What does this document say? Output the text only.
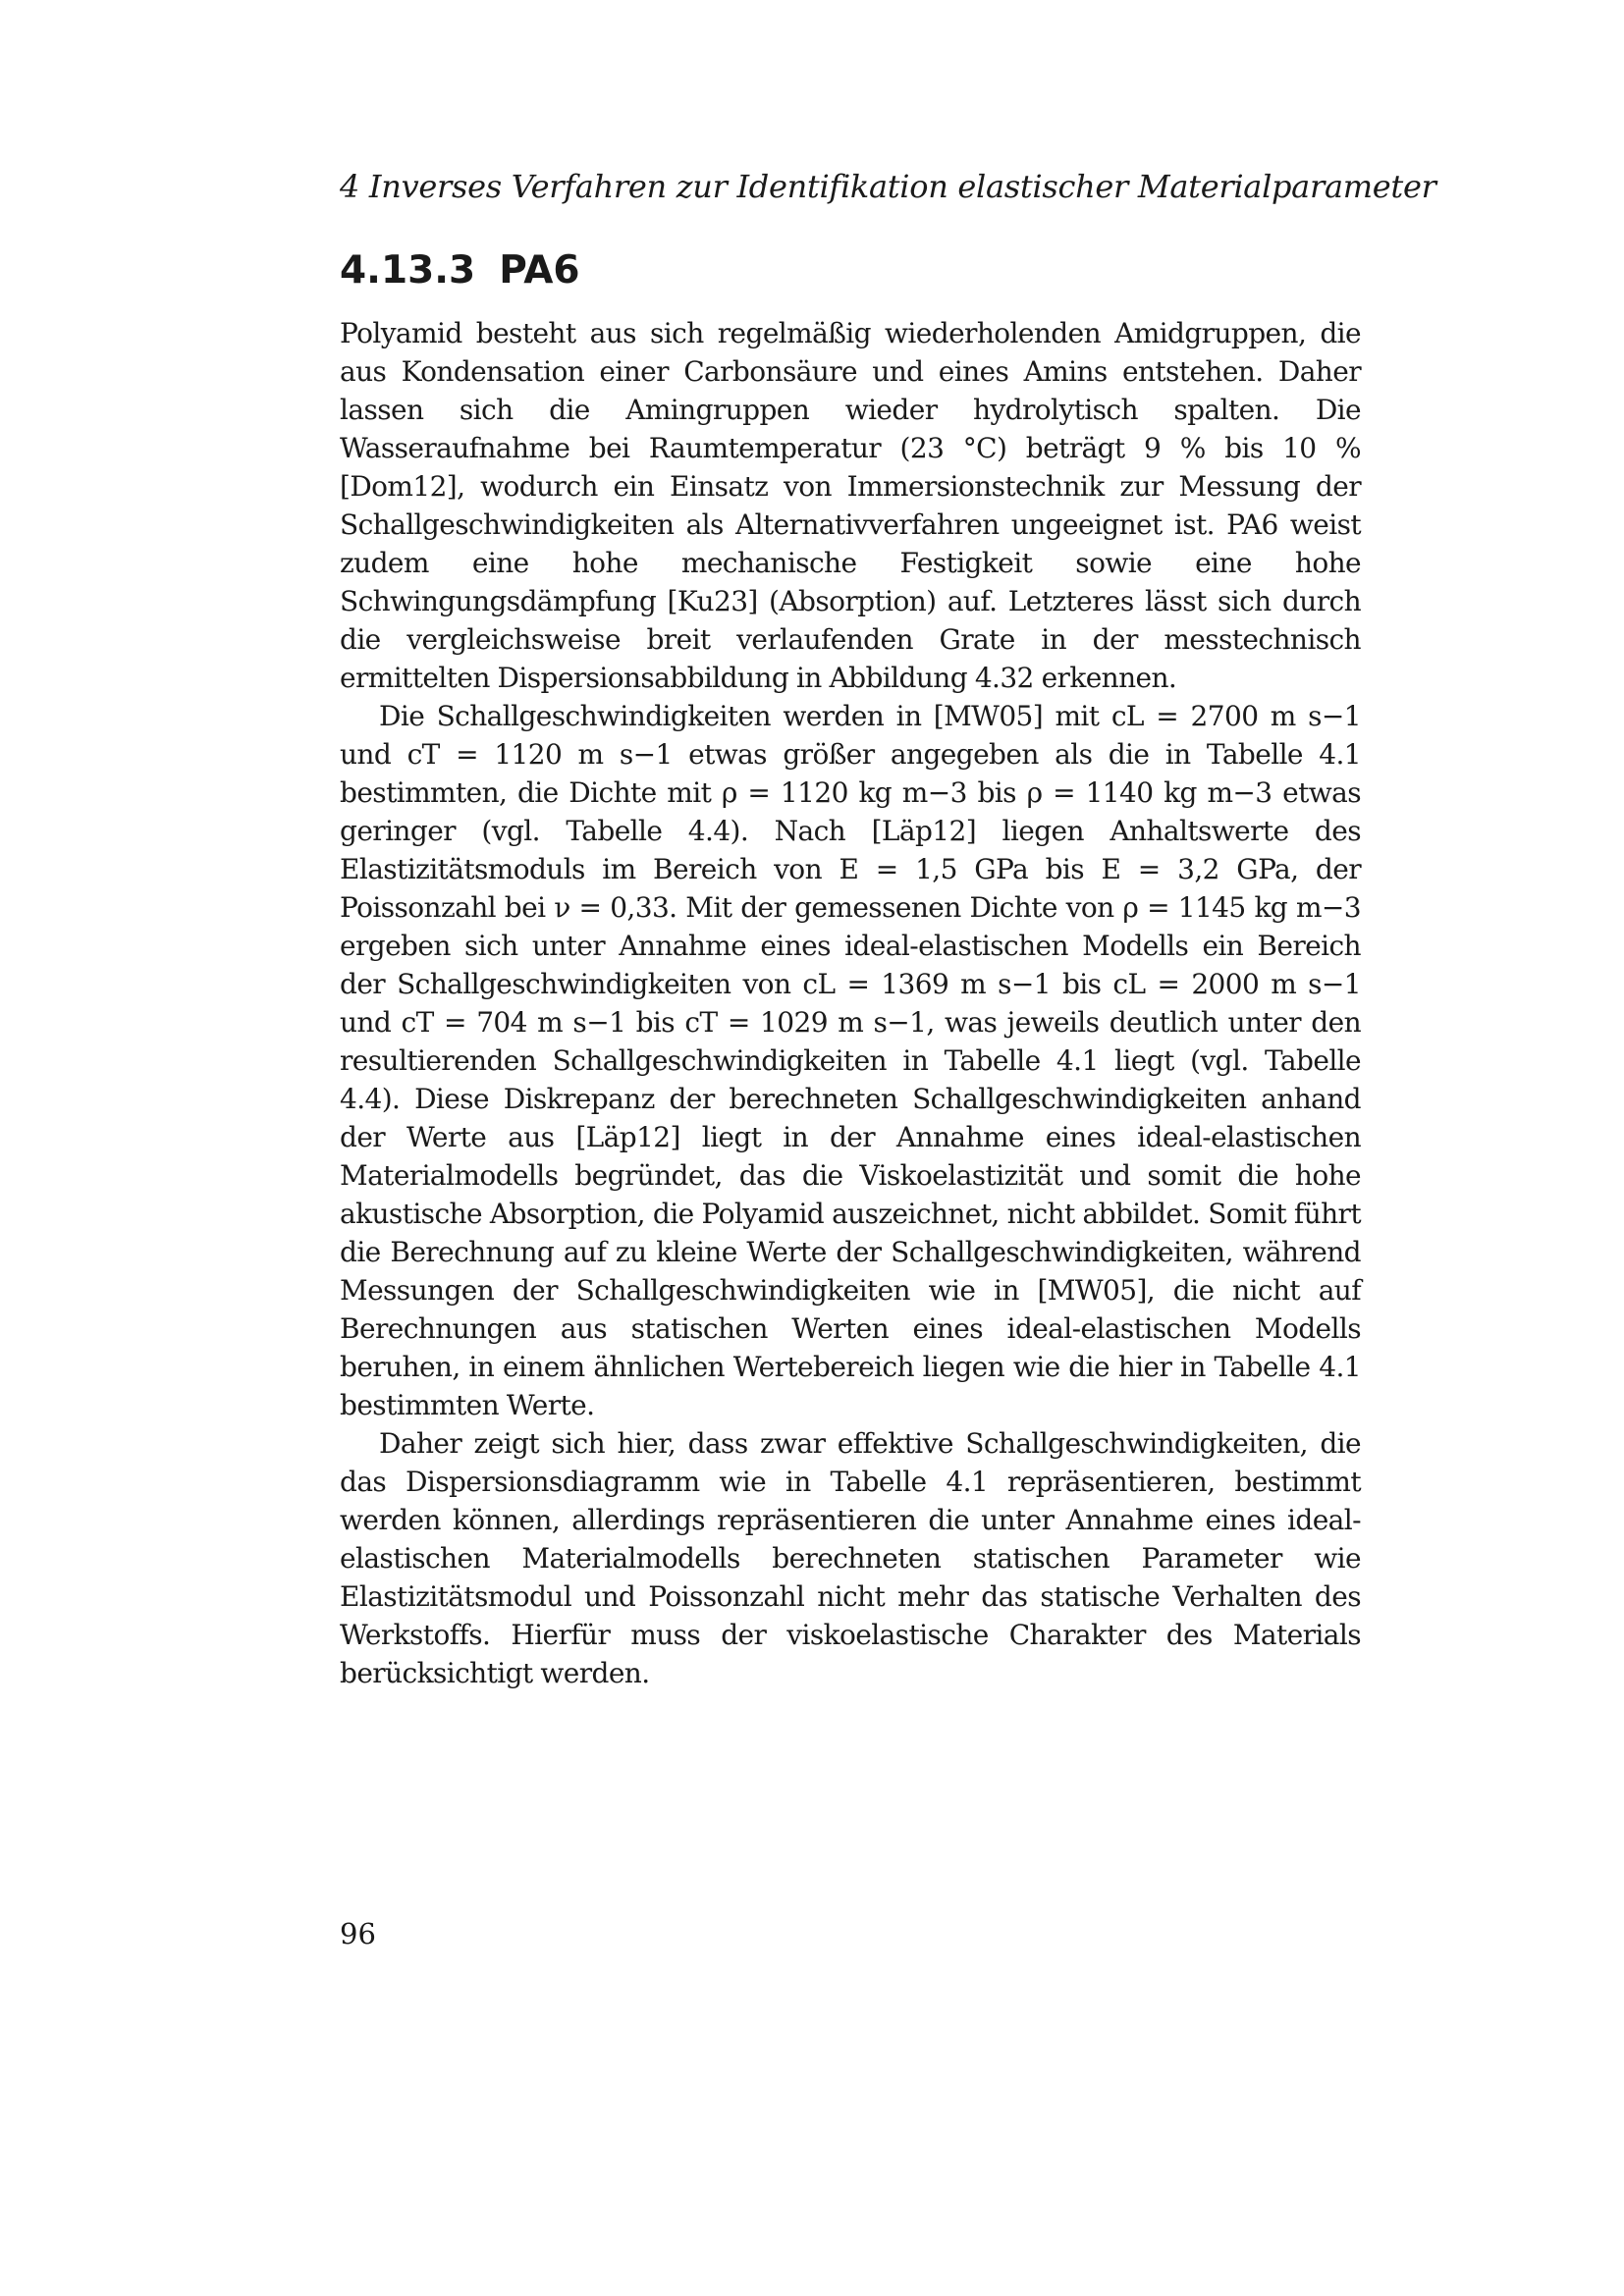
4 Inverses Verfahren zur Identifikation elastischer Materialparameter
4.13.3 PA6

Polyamid besteht aus sich regelmäßig wiederholenden Amidgruppen, die aus Kondensation einer Carbonsäure und eines Amins entstehen. Daher lassen sich die Amingruppen wieder hydrolytisch spalten. Die Wasseraufnahme bei Raumtemperatur (23 °C) beträgt 9 % bis 10 % [Dom12], wodurch ein Einsatz von Immersionstechnik zur Messung der Schallgeschwindigkeiten als Alternativverfahren ungeeignet ist. PA6 weist zudem eine hohe mechanische Festigkeit sowie eine hohe Schwingungsdämpfung [Ku23] (Absorption) auf. Letzteres lässt sich durch die vergleichsweise breit verlaufenden Grate in der messtechnisch ermittelten Dispersionsabbildung in Abbildung 4.32 erkennen.

Die Schallgeschwindigkeiten werden in [MW05] mit cL = 2700 m s−1 und cT = 1120 m s−1 etwas größer angegeben als die in Tabelle 4.1 bestimmten, die Dichte mit ρ = 1120 kg m−3 bis ρ = 1140 kg m−3 etwas geringer (vgl. Tabelle 4.4). Nach [Läp12] liegen Anhaltswerte des Elastizitätsmoduls im Bereich von E = 1,5 GPa bis E = 3,2 GPa, der Poissonzahl bei ν = 0,33. Mit der gemessenen Dichte von ρ = 1145 kg m−3 ergeben sich unter Annahme eines ideal-elastischen Modells ein Bereich der Schallgeschwindigkeiten von cL = 1369 m s−1 bis cL = 2000 m s−1 und cT = 704 m s−1 bis cT = 1029 m s−1, was jeweils deutlich unter den resultierenden Schallgeschwindigkeiten in Tabelle 4.1 liegt (vgl. Tabelle 4.4). Diese Diskrepanz der berechneten Schallgeschwindigkeiten anhand der Werte aus [Läp12] liegt in der Annahme eines ideal-elastischen Materialmodells begründet, das die Viskoelastizität und somit die hohe akustische Absorption, die Polyamid auszeichnet, nicht abbildet. Somit führt die Berechnung auf zu kleine Werte der Schallgeschwindigkeiten, während Messungen der Schallgeschwindigkeiten wie in [MW05], die nicht auf Berechnungen aus statischen Werten eines ideal-elastischen Modells beruhen, in einem ähnlichen Wertebereich liegen wie die hier in Tabelle 4.1 bestimmten Werte.

Daher zeigt sich hier, dass zwar effektive Schallgeschwindigkeiten, die das Dispersionsdiagramm wie in Tabelle 4.1 repräsentieren, bestimmt werden können, allerdings repräsentieren die unter Annahme eines ideal-elastischen Materialmodells berechneten statischen Parameter wie Elastizitätsmodul und Poissonzahl nicht mehr das statische Verhalten des Werkstoffs. Hierfür muss der viskoelastische Charakter des Materials berücksichtigt werden.

96
